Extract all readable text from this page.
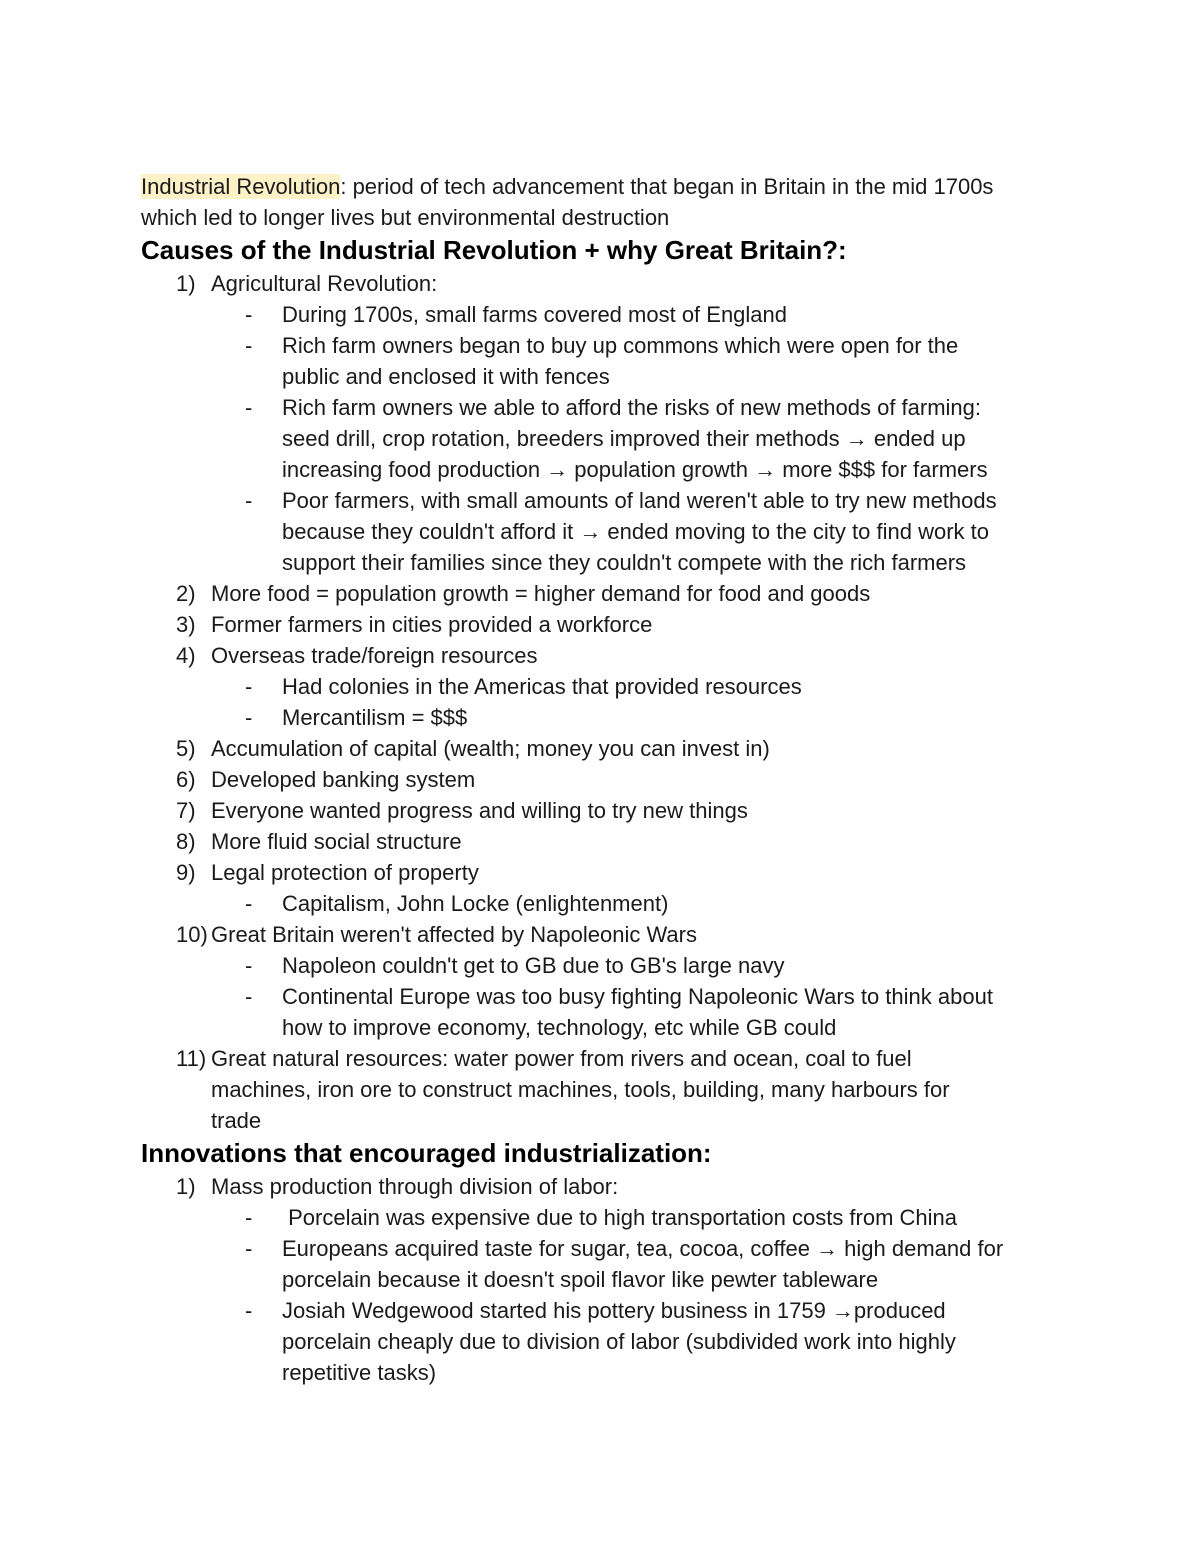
Industrial Revolution: period of tech advancement that began in Britain in the mid 1700s
which led to longer lives but environmental destruction
Causes of the Industrial Revolution + why Great Britain?:
1) Agricultural Revolution:
- During 1700s, small farms covered most of England
- Rich farm owners began to buy up commons which were open for the
public and enclosed it with fences
- Rich farm owners we able to afford the risks of new methods of farming:
seed drill, crop rotation, breeders improved their methods → ended up
increasing food production → population growth → more $$$ for farmers
- Poor farmers, with small amounts of land weren't able to try new methods
because they couldn't afford it → ended moving to the city to find work to
support their families since they couldn't compete with the rich farmers
2) More food = population growth = higher demand for food and goods
3) Former farmers in cities provided a workforce
4) Overseas trade/foreign resources
- Had colonies in the Americas that provided resources
- Mercantilism = $$$
5) Accumulation of capital (wealth; money you can invest in)
6) Developed banking system
7) Everyone wanted progress and willing to try new things
8) More fluid social structure
9) Legal protection of property
- Capitalism, John Locke (enlightenment)
10) Great Britain weren't affected by Napoleonic Wars
- Napoleon couldn't get to GB due to GB's large navy
- Continental Europe was too busy fighting Napoleonic Wars to think about
how to improve economy, technology, etc while GB could
11) Great natural resources: water power from rivers and ocean, coal to fuel
machines, iron ore to construct machines, tools, building, many harbours for
trade
Innovations that encouraged industrialization:
1) Mass production through division of labor:
- Porcelain was expensive due to high transportation costs from China
- Europeans acquired taste for sugar, tea, cocoa, coffee → high demand for
porcelain because it doesn't spoil flavor like pewter tableware
- Josiah Wedgewood started his pottery business in 1759 →produced
porcelain cheaply due to division of labor (subdivided work into highly
repetitive tasks)
